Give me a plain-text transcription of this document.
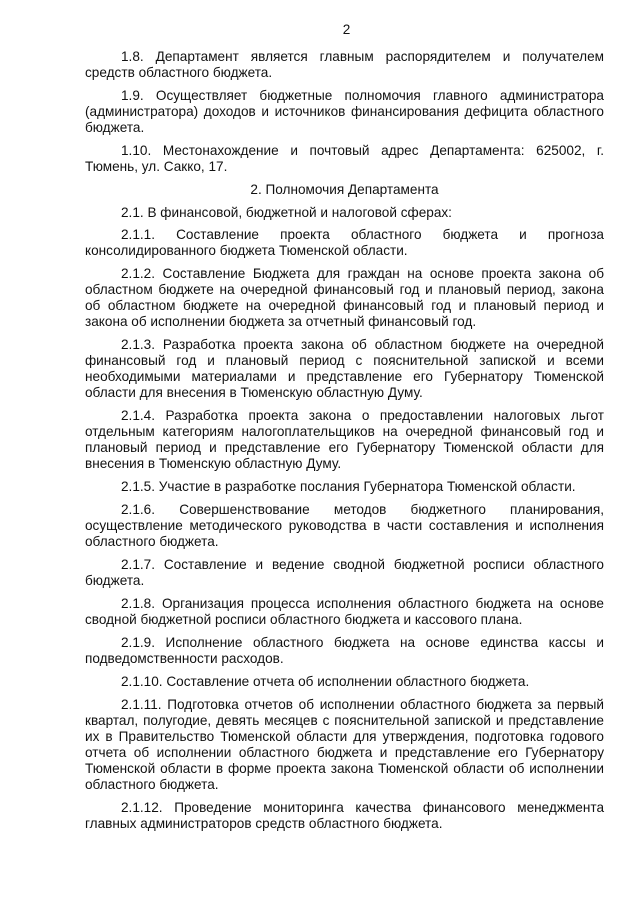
2

1.8. Департамент является главным распорядителем и получателем средств областного бюджета.

1.9. Осуществляет бюджетные полномочия главного администратора (администратора) доходов и источников финансирования дефицита областного бюджета.

1.10. Местонахождение и почтовый адрес Департамента: 625002, г. Тюмень, ул. Сакко, 17.

2. Полномочия Департамента

2.1. В финансовой, бюджетной и налоговой сферах:

2.1.1. Составление проекта областного бюджета и прогноза консолидированного бюджета Тюменской области.

2.1.2. Составление Бюджета для граждан на основе проекта закона об областном бюджете на очередной финансовый год и плановый период, закона об областном бюджете на очередной финансовый год и плановый период и закона об исполнении бюджета за отчетный финансовый год.

2.1.3. Разработка проекта закона об областном бюджете на очередной финансовый год и плановый период с пояснительной запиской и всеми необходимыми материалами и представление его Губернатору Тюменской области для внесения в Тюменскую областную Думу.

2.1.4. Разработка проекта закона о предоставлении налоговых льгот отдельным категориям налогоплательщиков на очередной финансовый год и плановый период и представление его Губернатору Тюменской области для внесения в Тюменскую областную Думу.

2.1.5. Участие в разработке послания Губернатора Тюменской области.

2.1.6. Совершенствование методов бюджетного планирования, осуществление методического руководства в части составления и исполнения областного бюджета.

2.1.7. Составление и ведение сводной бюджетной росписи областного бюджета.

2.1.8. Организация процесса исполнения областного бюджета на основе сводной бюджетной росписи областного бюджета и кассового плана.

2.1.9. Исполнение областного бюджета на основе единства кассы и подведомственности расходов.

2.1.10. Составление отчета об исполнении областного бюджета.

2.1.11. Подготовка отчетов об исполнении областного бюджета за первый квартал, полугодие, девять месяцев с пояснительной запиской и представление их в Правительство Тюменской области для утверждения, подготовка годового отчета об исполнении областного бюджета и представление его Губернатору Тюменской области в форме проекта закона Тюменской области об исполнении областного бюджета.

2.1.12. Проведение мониторинга качества финансового менеджмента главных администраторов средств областного бюджета.
